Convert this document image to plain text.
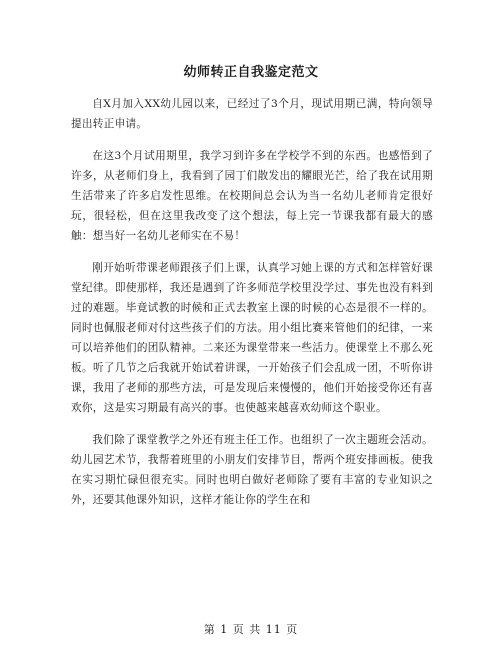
幼师转正自我鉴定范文

自X月加入XX幼儿园以来，已经过了3个月，现试用期已满，特向领导提出转正申请。

在这3个月试用期里，我学习到许多在学校学不到的东西。也感悟到了许多，从老师们身上，我看到了园丁们散发出的耀眼光芒，给了我在试用期生活带来了许多启发性思维。在校期间总会认为当一名幼儿老师肯定很好玩，很轻松，但在这里我改变了这个想法，每上完一节课我都有最大的感触：想当好一名幼儿老师实在不易！

刚开始听带课老师跟孩子们上课，认真学习她上课的方式和怎样管好课堂纪律。即使那样，我还是遇到了许多师范学校里没学过、事先也没有料到过的难题。毕竟试教的时候和正式去教室上课的时候的心态是很不一样的。同时也佩服老师对付这些孩子们的方法。用小组比赛来管他们的纪律，一来可以培养他们的团队精神。二来还为课堂带来一些活力。使课堂上不那么死板。听了几节之后我就开始试着讲课，一开始孩子们会乱成一团，不听你讲课，我用了老师的那些方法，可是发现后来慢慢的，他们开始接受你还有喜欢你，这是实习期最有高兴的事。也使越来越喜欢幼师这个职业。

我们除了课堂教学之外还有班主任工作。也组织了一次主题班会活动。幼儿园艺术节，我帮着班里的小朋友们安排节目，帮两个班安排画板。使我在实习期忙碌但很充实。同时也明白做好老师除了要有丰富的专业知识之外，还要其他课外知识，这样才能让你的学生在和

第 1 页 共 11 页
